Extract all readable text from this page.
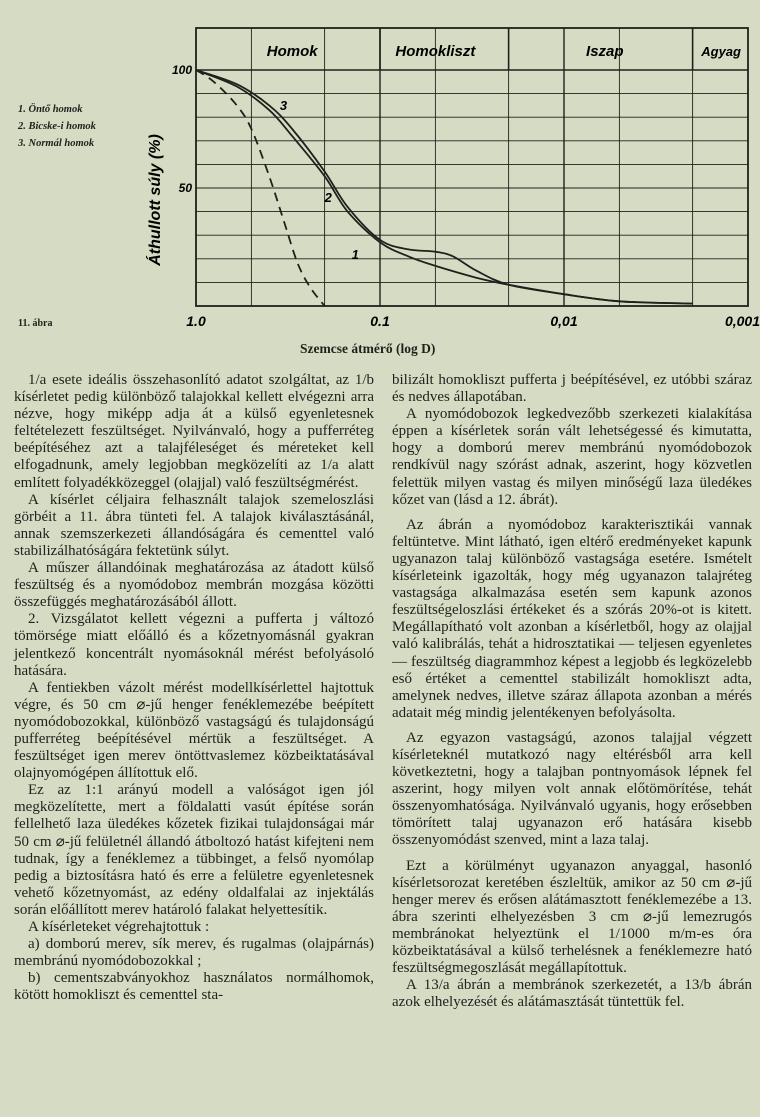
Homok	Homokliszt	Iszap	Agyag
Áthullott súly (%)
100
50
1.0	0.1	0,01	0,001
1
2
3
1. Öntő homok
2. Bicske-i homok
3. Normál homok
11. ábra
Szemcse átmérő (log D)

1/a esete ideális összehasonlító adatot szolgáltat, az 1/b kísérletet pedig különböző talajokkal kellett elvégezni arra nézve, hogy miképp adja át a külső egyenletesnek feltételezett feszültséget. Nyilvánvaló, hogy a pufferréteg beépítéséhez azt a talajféleséget és méreteket kell elfogadnunk, amely legjobban megközelíti az 1/a alatt említett folyadékközeggel (olajjal) való feszültségmérést.

A kísérlet céljaira felhasznált talajok szemeloszlási görbéit a 11. ábra tünteti fel. A talajok kiválasztásánál, annak szemszerkezeti állandóságára és cementtel való stabilizálhatóságára fektetünk súlyt.

A műszer állandóinak meghatározása az átadott külső feszültség és a nyomódoboz membrán mozgása közötti összefüggés meghatározásából állott.

2. Vizsgálatot kellett végezni a pufferta j változó tömörsége miatt előálló és a kőzetnyomásnál gyakran jelentkező koncentrált nyomásoknál mérést befolyásoló hatására.

A fentiekben vázolt mérést modellkísérlettel hajtottuk végre, és 50 cm ⌀-jű henger fenéklemezébe beépített nyomódobozokkal, különböző vastagságú és tulajdonságú pufferréteg beépítésével mértük a feszültséget. A feszültséget igen merev öntöttvaslemez közbeiktatásával olajnyomógépen állítottuk elő.

Ez az 1:1 arányú modell a valóságot igen jól megközelítette, mert a földalatti vasút építése során fellelhető laza üledékes kőzetek fizikai tulajdonságai már 50 cm ⌀-jű felületnél állandó átboltozó hatást kifejteni nem tudnak, így a fenéklemez a tübbinget, a felső nyomólap pedig a biztosításra ható és erre a felületre egyenletesnek vehető kőzetnyomást, az edény oldalfalai az injektálás során előállított merev határoló falakat helyettesítik.

A kísérleteket végrehajtottuk :

a) domború merev, sík merev, és rugalmas (olajpárnás) membránú nyomódobozokkal ;

b) cementszabványokhoz használatos normálhomok, kötött homokliszt és cementtel sta-

bilizált homokliszt pufferta j beépítésével, ez utóbbi száraz és nedves állapotában.

A nyomódobozok legkedvezőbb szerkezeti kialakítása éppen a kísérletek során vált lehetségessé és kimutatta, hogy a domború merev membránú nyomódobozok rendkívül nagy szórást adnak, aszerint, hogy közvetlen felettük milyen vastag és milyen minőségű laza üledékes kőzet van (lásd a 12. ábrát).

Az ábrán a nyomódoboz karakterisztikái vannak feltüntetve. Mint látható, igen eltérő eredményeket kapunk ugyanazon talaj különböző vastagsága esetére. Ismételt kísérleteink igazolták, hogy még ugyanazon talajréteg vastagsága alkalmazása esetén sem kapunk azonos feszültségeloszlási értékeket és a szórás 20%-ot is kitett. Megállapítható volt azonban a kísérletből, hogy az olajjal való kalibrálás, tehát a hidrosztatikai — teljesen egyenletes — feszültség diagrammhoz képest a legjobb és legközelebb eső értéket a cementtel stabilizált homokliszt adta, amelynek nedves, illetve száraz állapota azonban a mérés adatait még mindig jelentékenyen befolyásolta.

Az egyazon vastagságú, azonos talajjal végzett kísérleteknél mutatkozó nagy eltérésből arra kell következtetni, hogy a talajban pontnyomások lépnek fel aszerint, hogy milyen volt annak előtömörítése, tehát összenyomhatósága. Nyilvánvaló ugyanis, hogy erősebben tömörített talaj ugyanazon erő hatására kisebb összenyomódást szenved, mint a laza talaj.

Ezt a körülményt ugyanazon anyaggal, hasonló kísérletsorozat keretében észleltük, amikor az 50 cm ⌀-jű henger merev és erősen alátámasztott fenéklemezébe a 13. ábra szerinti elhelyezésben 3 cm ⌀-jű lemezrugós membránokat helyeztünk el 1/1000 m/m-es óra közbeiktatásával a külső terhelésnek a fenéklemezre ható feszültségmegoszlását megállapítottuk.

A 13/a ábrán a membránok szerkezetét, a 13/b ábrán azok elhelyezését és alátámasztását tüntettük fel.
